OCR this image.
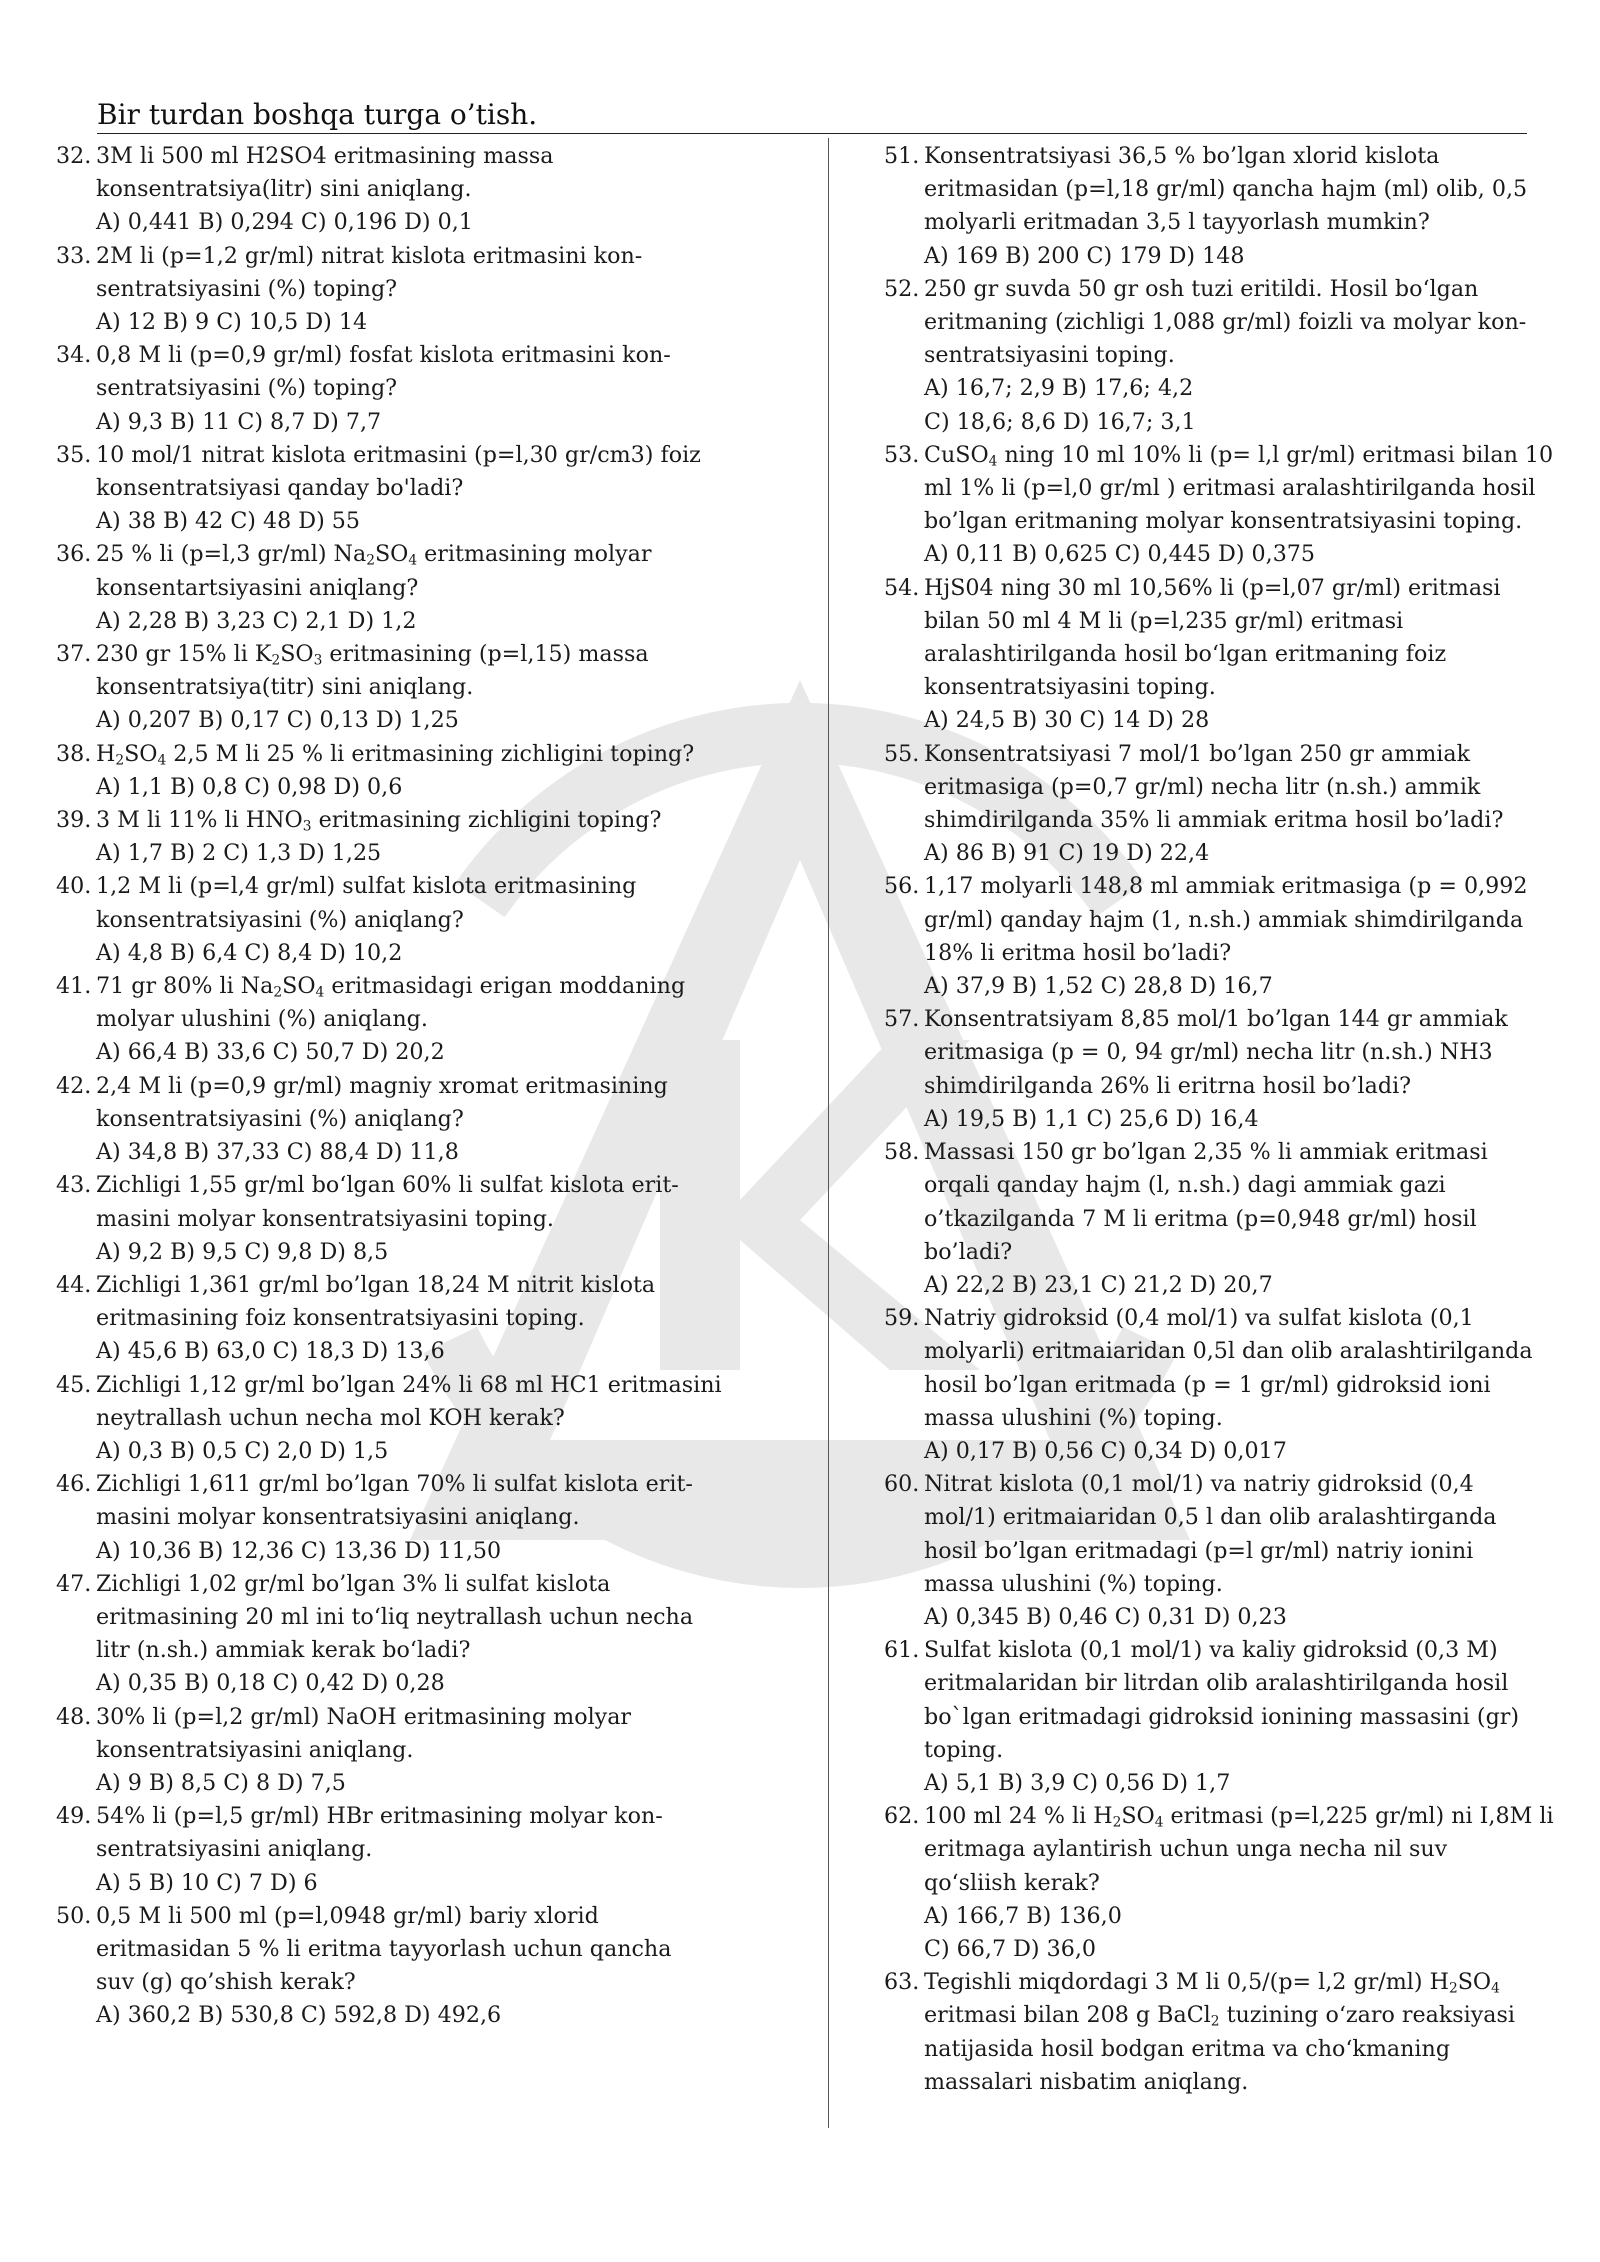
Bir turdan boshqa turga o’tish.
32. 3M li 500 ml H2SO4 eritmasining massa
konsentratsiya(litr) sini aniqlang.
A) 0,441 B) 0,294 C) 0,196 D) 0,1
33. 2M li (p=1,2 gr/ml) nitrat kislota eritmasini kon-
sentratsiyasini (%) toping?
A) 12 B) 9 C) 10,5 D) 14
34. 0,8 M li (p=0,9 gr/ml) fosfat kislota eritmasini kon-
sentratsiyasini (%) toping?
A) 9,3 B) 11 C) 8,7 D) 7,7
35. 10 mol/1 nitrat kislota eritmasini (p=l,30 gr/cm3) foiz
konsentratsiyasi qanday bo'ladi?
A) 38 B) 42 C) 48 D) 55
36. 25 % li (p=l,3 gr/ml) $Na_2SO_4$ eritmasining molyar
konsentartsiyasini aniqlang?
A) 2,28 B) 3,23 C) 2,1 D) 1,2
37. 230 gr 15% li $K_2SO_3$ eritmasining (p=l,15) massa
konsentratsiya(titr) sini aniqlang.
A) 0,207 B) 0,17 C) 0,13 D) 1,25
38. $H_2SO_4$ 2,5 M li 25 % li eritmasining zichligini toping?
A) 1,1 B) 0,8 C) 0,98 D) 0,6
39. 3 M li 11% li $HNO_3$ eritmasining zichligini toping?
A) 1,7 B) 2 C) 1,3 D) 1,25
40. 1,2 M li (p=l,4 gr/ml) sulfat kislota eritmasining
konsentratsiyasini (%) aniqlang?
A) 4,8 B) 6,4 C) 8,4 D) 10,2
41. 71 gr 80% li $Na_2SO_4$ eritmasidagi erigan moddaning
molyar ulushini (%) aniqlang.
A) 66,4 B) 33,6 C) 50,7 D) 20,2
42. 2,4 M li (p=0,9 gr/ml) magniy xromat eritmasining
konsentratsiyasini (%) aniqlang?
A) 34,8 B) 37,33 C) 88,4 D) 11,8
43. Zichligi 1,55 gr/ml bo‘lgan 60% li sulfat kislota erit-
masini molyar konsentratsiyasini toping.
A) 9,2 B) 9,5 C) 9,8 D) 8,5
44. Zichligi 1,361 gr/ml bo’lgan 18,24 M nitrit kislota
eritmasining foiz konsentratsiyasini toping.
A) 45,6 B) 63,0 C) 18,3 D) 13,6
45. Zichligi 1,12 gr/ml bo’lgan 24% li 68 ml HC1 eritmasini
neytrallash uchun necha mol KOH kerak?
A) 0,3 B) 0,5 C) 2,0 D) 1,5
46. Zichligi 1,611 gr/ml bo’lgan 70% li sulfat kislota erit-
masini molyar konsentratsiyasini aniqlang.
A) 10,36 B) 12,36 C) 13,36 D) 11,50
47. Zichligi 1,02 gr/ml bo’lgan 3% li sulfat kislota
eritmasining 20 ml ini to‘liq neytrallash uchun necha
litr (n.sh.) ammiak kerak bo‘ladi?
A) 0,35 B) 0,18 C) 0,42 D) 0,28
48. 30% li (p=l,2 gr/ml) NaOH eritmasining molyar
konsentratsiyasini aniqlang.
A) 9 B) 8,5 C) 8 D) 7,5
49. 54% li (p=l,5 gr/ml) HBr eritmasining molyar kon-
sentratsiyasini aniqlang.
A) 5 B) 10 C) 7 D) 6
50. 0,5 M li 500 ml (p=l,0948 gr/ml) bariy xlorid
eritmasidan 5 % li eritma tayyorlash uchun qancha
suv (g) qo’shish kerak?
A) 360,2 B) 530,8 C) 592,8 D) 492,6
51. Konsentratsiyasi 36,5 % bo’lgan xlorid kislota
eritmasidan (p=l,18 gr/ml) qancha hajm (ml) olib, 0,5
molyarli eritmadan 3,5 l tayyorlash mumkin?
A) 169 B) 200 C) 179 D) 148
52. 250 gr suvda 50 gr osh tuzi eritildi. Hosil bo‘lgan
eritmaning (zichligi 1,088 gr/ml) foizli va molyar kon-
sentratsiyasini toping.
A) 16,7; 2,9 B) 17,6; 4,2
C) 18,6; 8,6 D) 16,7; 3,1
53. CuSO$_4$ ning 10 ml 10% li (p= l,l gr/ml) eritmasi bilan 10
ml 1% li (p=l,0 gr/ml ) eritmasi aralashtirilganda hosil
bo’lgan eritmaning molyar konsentratsiyasini toping.
A) 0,11 B) 0,625 C) 0,445 D) 0,375
54. HjS04 ning 30 ml 10,56% li (p=l,07 gr/ml) eritmasi
bilan 50 ml 4 M li (p=l,235 gr/ml) eritmasi
aralashtirilganda hosil bo‘lgan eritmaning foiz
konsentratsiyasini toping.
A) 24,5 B) 30 C) 14 D) 28
55. Konsentratsiyasi 7 mol/1 bo’lgan 250 gr ammiak
eritmasiga (p=0,7 gr/ml) necha litr (n.sh.) ammik
shimdirilganda 35% li ammiak eritma hosil bo’ladi?
A) 86 B) 91 C) 19 D) 22,4
56. 1,17 molyarli 148,8 ml ammiak eritmasiga (p = 0,992
gr/ml) qanday hajm (1, n.sh.) ammiak shimdirilganda
18% li eritma hosil bo’ladi?
A) 37,9 B) 1,52 C) 28,8 D) 16,7
57. Konsentratsiyam 8,85 mol/1 bo’lgan 144 gr ammiak
eritmasiga (p = 0, 94 gr/ml) necha litr (n.sh.) NH3
shimdirilganda 26% li eritrna hosil bo’ladi?
A) 19,5 B) 1,1 C) 25,6 D) 16,4
58. Massasi 150 gr bo’lgan 2,35 % li ammiak eritmasi
orqali qanday hajm (l, n.sh.) dagi ammiak gazi
o’tkazilganda 7 M li eritma (p=0,948 gr/ml) hosil
bo’ladi?
A) 22,2 B) 23,1 C) 21,2 D) 20,7
59. Natriy gidroksid (0,4 mol/1) va sulfat kislota (0,1
molyarli) eritmaiaridan 0,5l dan olib aralashtirilganda
hosil bo’lgan eritmada (p = 1 gr/ml) gidroksid ioni
massa ulushini (%) toping.
A) 0,17 B) 0,56 C) 0,34 D) 0,017
60. Nitrat kislota (0,1 mol/1) va natriy gidroksid (0,4
mol/1) eritmaiaridan 0,5 l dan olib aralashtirganda
hosil bo’lgan eritmadagi (p=l gr/ml) natriy ionini
massa ulushini (%) toping.
A) 0,345 B) 0,46 C) 0,31 D) 0,23
61. Sulfat kislota (0,1 mol/1) va kaliy gidroksid (0,3 M)
eritmalaridan bir litrdan olib aralashtirilganda hosil
bo`lgan eritmadagi gidroksid ionining massasini (gr)
toping.
A) 5,1 B) 3,9 C) 0,56 D) 1,7
62. 100 ml 24 % li $H_2SO_4$ eritmasi (p=l,225 gr/ml) ni I,8M li
eritmaga aylantirish uchun unga necha nil suv
qo‘sliish kerak?
A) 166,7 B) 136,0
C) 66,7 D) 36,0
63. Tegishli miqdordagi 3 M li 0,5/(p= l,2 gr/ml) $H_2SO_4$
eritmasi bilan 208 g BaCl$_2$ tuzining o‘zaro reaksiyasi
natijasida hosil bodgan eritma va cho‘kmaning
massalari nisbatim aniqlang.
